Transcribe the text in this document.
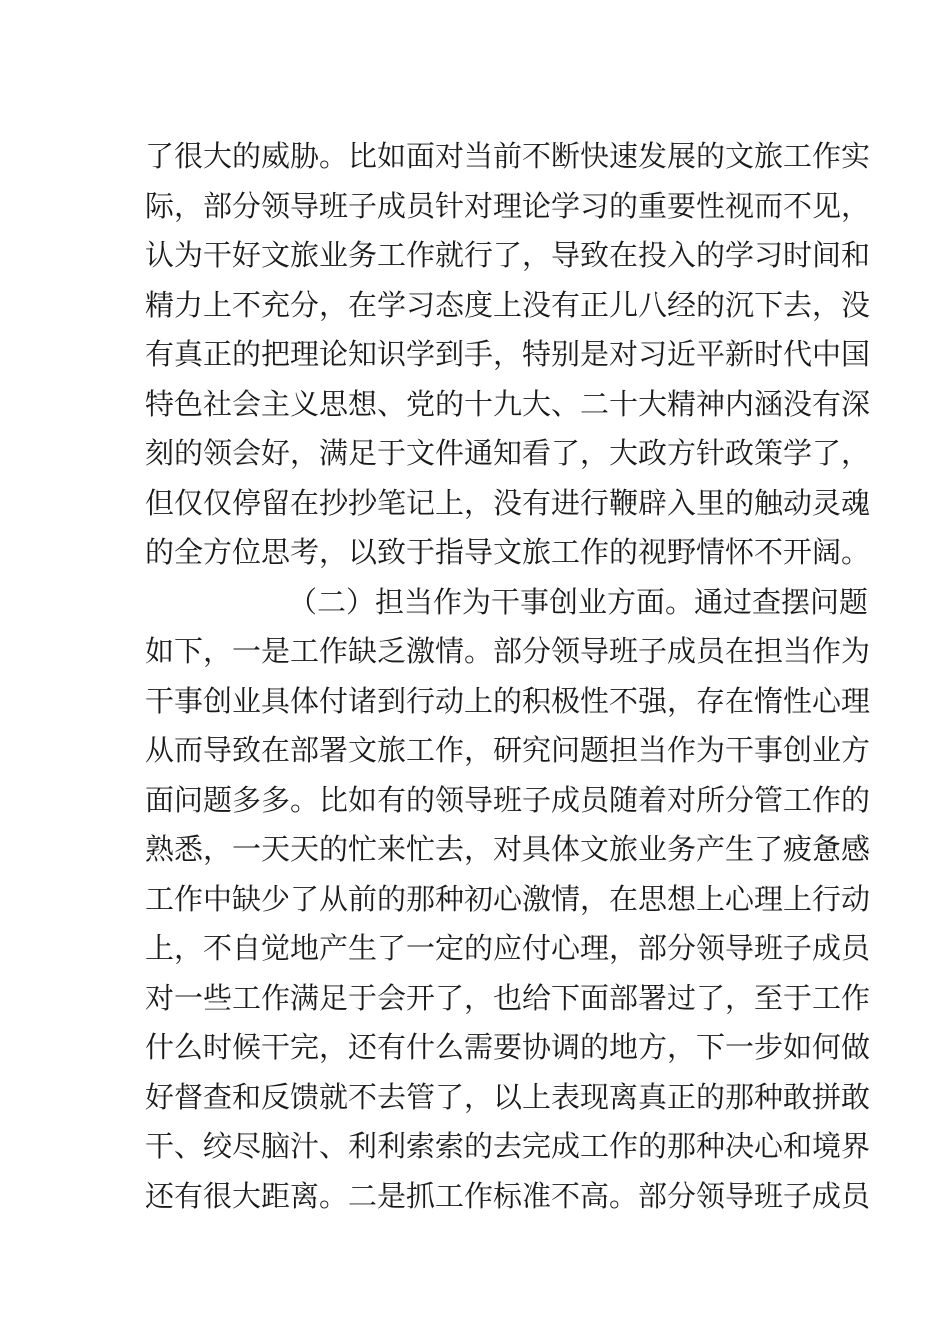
了很大的威胁。比如面对当前不断快速发展的文旅工作实
际，部分领导班子成员针对理论学习的重要性视而不见，
认为干好文旅业务工作就行了，导致在投入的学习时间和
精力上不充分，在学习态度上没有正儿八经的沉下去，没
有真正的把理论知识学到手，特别是对习近平新时代中国
特色社会主义思想、党的十九大、二十大精神内涵没有深
刻的领会好，满足于文件通知看了，大政方针政策学了，
但仅仅停留在抄抄笔记上，没有进行鞭辟入里的触动灵魂
的全方位思考，以致于指导文旅工作的视野情怀不开阔。
（二）担当作为干事创业方面。通过查摆问题
如下，一是工作缺乏激情。部分领导班子成员在担当作为
干事创业具体付诸到行动上的积极性不强，存在惰性心理
从而导致在部署文旅工作，研究问题担当作为干事创业方
面问题多多。比如有的领导班子成员随着对所分管工作的
熟悉，一天天的忙来忙去，对具体文旅业务产生了疲惫感
工作中缺少了从前的那种初心激情，在思想上心理上行动
上，不自觉地产生了一定的应付心理，部分领导班子成员
对一些工作满足于会开了，也给下面部署过了，至于工作
什么时候干完，还有什么需要协调的地方，下一步如何做
好督查和反馈就不去管了，以上表现离真正的那种敢拼敢
干、绞尽脑汁、利利索索的去完成工作的那种决心和境界
还有很大距离。二是抓工作标准不高。部分领导班子成员
